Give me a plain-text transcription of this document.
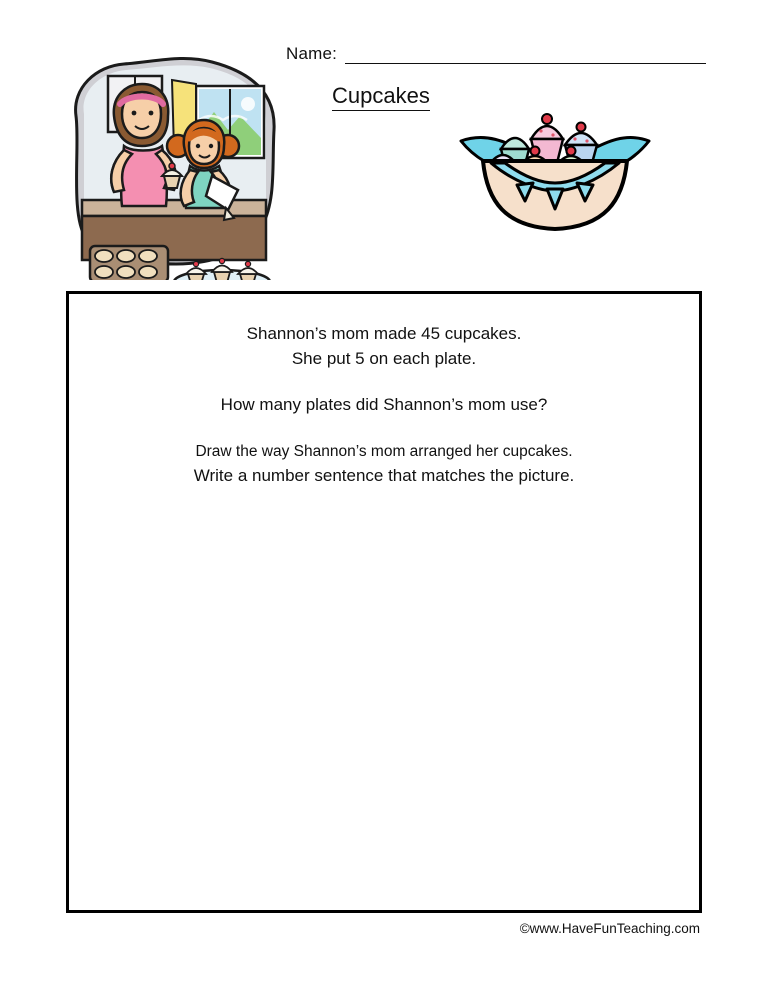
Name:
Cupcakes
Shannon’s mom made 45 cupcakes.
She put 5 on each plate.
How many plates did Shannon’s mom use?
Draw the way Shannon’s mom arranged her cupcakes.
Write a number sentence that matches the picture.
©www.HaveFunTeaching.com
